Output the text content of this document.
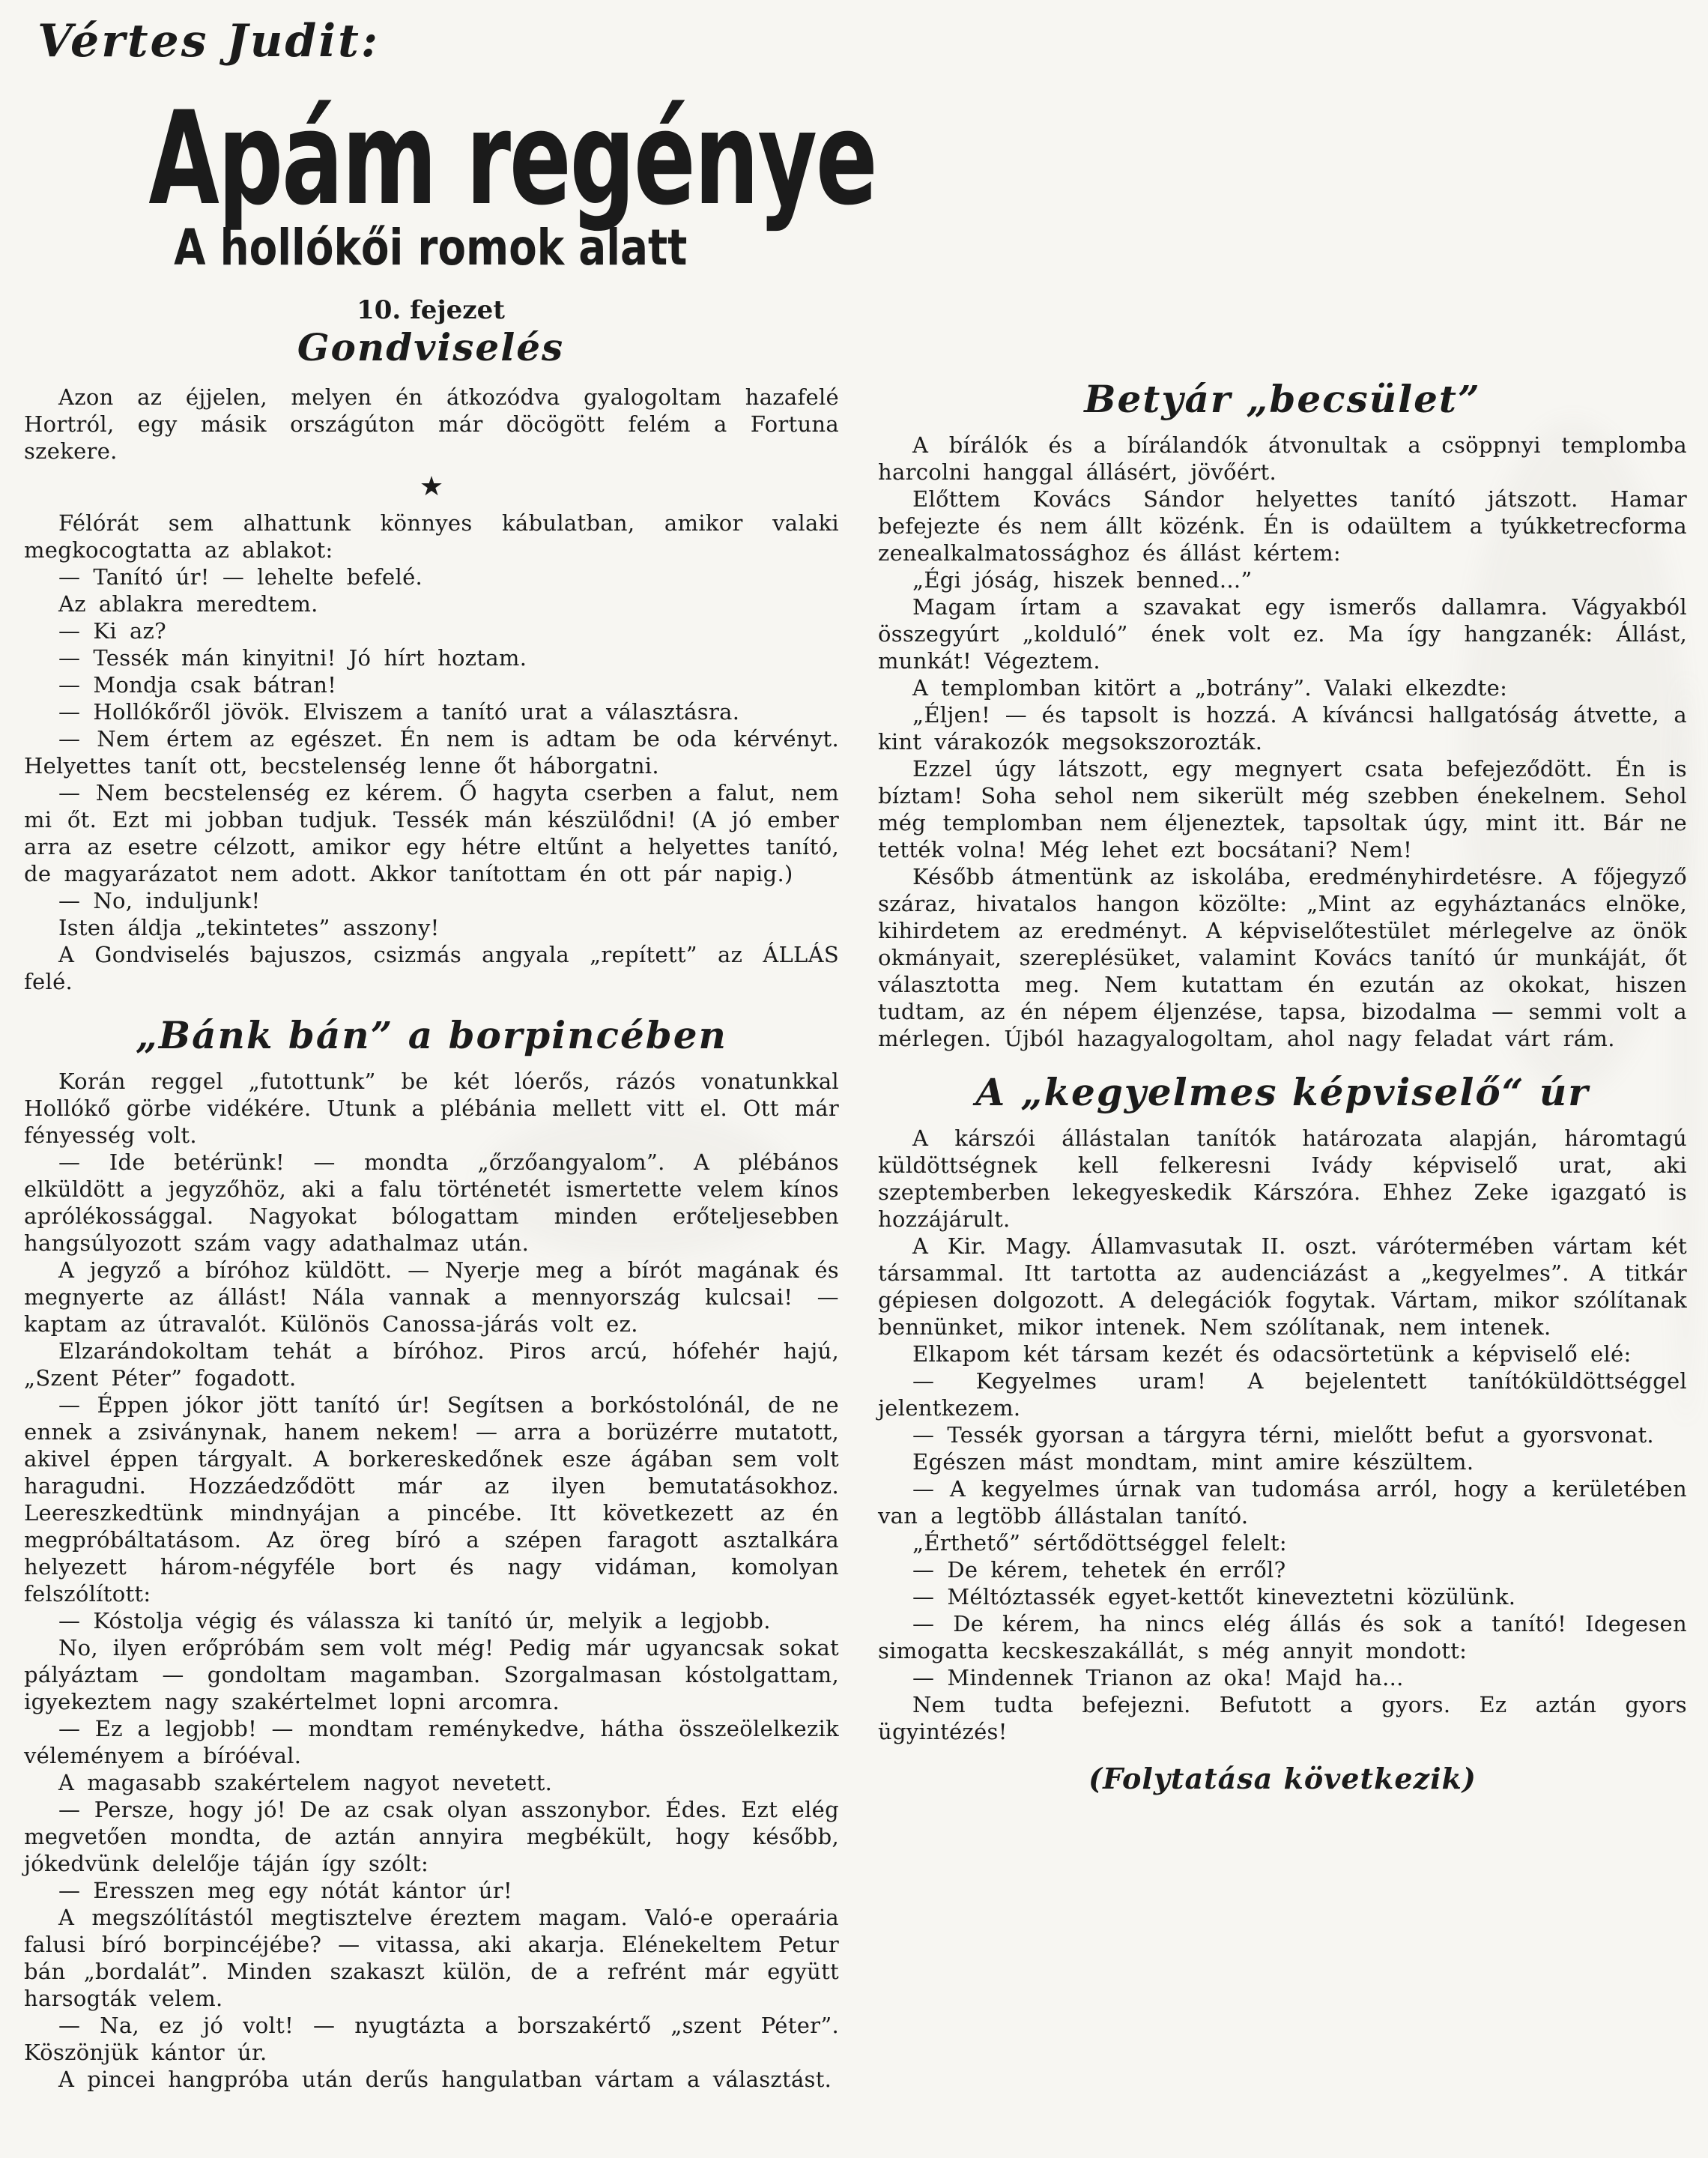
Vértes Judit:
Apám regénye
A hollókői romok alatt
10. fejezet
Gondviselés

Azon az éjjelen, melyen én átkozódva gyalogoltam hazafelé Hortról, egy másik országúton már döcögött felém a Fortuna szekere.

★

Félórát sem alhattunk könnyes kábulatban, amikor valaki megkocogtatta az ablakot:

— Tanító úr! — lehelte befelé.

Az ablakra meredtem.

— Ki az?

— Tessék mán kinyitni! Jó hírt hoztam.

— Mondja csak bátran!

— Hollókőről jövök. Elviszem a tanító urat a választásra.

— Nem értem az egészet. Én nem is adtam be oda kérvényt. Helyettes tanít ott, becstelenség lenne őt háborgatni.

— Nem becstelenség ez kérem. Ő hagyta cserben a falut, nem mi őt. Ezt mi jobban tudjuk. Tessék mán készülődni! (A jó ember arra az esetre célzott, amikor egy hétre eltűnt a helyettes tanító, de magyarázatot nem adott. Akkor tanítottam én ott pár napig.)

— No, induljunk!

Isten áldja „tekintetes” asszony!

A Gondviselés bajuszos, csizmás angyala „repített” az ÁLLÁS felé.

„Bánk bán” a borpincében

Korán reggel „futottunk” be két lóerős, rázós vonatunkkal Hollókő görbe vidékére. Utunk a plébánia mellett vitt el. Ott már fényesség volt.

— Ide betérünk! — mondta „őrzőangyalom”. A plébános elküldött a jegyzőhöz, aki a falu történetét ismertette velem kínos aprólékossággal. Nagyokat bólogattam minden erőteljesebben hangsúlyozott szám vagy adathalmaz után.

A jegyző a bíróhoz küldött. — Nyerje meg a bírót magának és megnyerte az állást! Nála vannak a mennyország kulcsai! — kaptam az útravalót. Különös Canossa-járás volt ez.

Elzarándokoltam tehát a bíróhoz. Piros arcú, hófehér hajú, „Szent Péter” fogadott.

— Éppen jókor jött tanító úr! Segítsen a borkóstolónál, de ne ennek a zsiványnak, hanem nekem! — arra a borüzérre mutatott, akivel éppen tárgyalt. A borkereskedőnek esze ágában sem volt haragudni. Hozzáedződött már az ilyen bemutatásokhoz. Leereszkedtünk mindnyájan a pincébe. Itt következett az én megpróbáltatásom. Az öreg bíró a szépen faragott asztalkára helyezett három-négyféle bort és nagy vidáman, komolyan felszólított:

— Kóstolja végig és válassza ki tanító úr, melyik a legjobb.

No, ilyen erőpróbám sem volt még! Pedig már ugyancsak sokat pályáztam — gondoltam magamban. Szorgalmasan kóstolgattam, igyekeztem nagy szakértelmet lopni arcomra.

— Ez a legjobb! — mondtam reménykedve, hátha összeölelkezik véleményem a bíróéval.

A magasabb szakértelem nagyot nevetett.

— Persze, hogy jó! De az csak olyan asszonybor. Édes. Ezt elég megvetően mondta, de aztán annyira megbékült, hogy később, jókedvünk delelője táján így szólt:

— Eresszen meg egy nótát kántor úr!

A megszólítástól megtisztelve éreztem magam. Való-e operaária falusi bíró borpincéjébe? — vitassa, aki akarja. Elénekeltem Petur bán „bordalát”. Minden szakaszt külön, de a refrént már együtt harsogták velem.

— Na, ez jó volt! — nyugtázta a borszakértő „szent Péter”. Köszönjük kántor úr.

A pincei hangpróba után derűs hangulatban vártam a választást.

Betyár „becsület”

A bírálók és a bírálandók átvonultak a csöppnyi templomba harcolni hanggal állásért, jövőért.

Előttem Kovács Sándor helyettes tanító játszott. Hamar befejezte és nem állt közénk. Én is odaültem a tyúkketrecforma zenealkalmatossághoz és állást kértem:

„Égi jóság, hiszek benned...”

Magam írtam a szavakat egy ismerős dallamra. Vágyakból összegyúrt „kolduló” ének volt ez. Ma így hangzanék: Állást, munkát! Végeztem.

A templomban kitört a „botrány”. Valaki elkezdte:

„Éljen! — és tapsolt is hozzá. A kíváncsi hallgatóság átvette, a kint várakozók megsokszorozták.

Ezzel úgy látszott, egy megnyert csata befejeződött. Én is bíztam! Soha sehol nem sikerült még szebben énekelnem. Sehol még templomban nem éljeneztek, tapsoltak úgy, mint itt. Bár ne tették volna! Még lehet ezt bocsátani? Nem!

Később átmentünk az iskolába, eredményhirdetésre. A főjegyző száraz, hivatalos hangon közölte: „Mint az egyháztanács elnöke, kihirdetem az eredményt. A képviselőtestület mérlegelve az önök okmányait, szereplésüket, valamint Kovács tanító úr munkáját, őt választotta meg. Nem kutattam én ezután az okokat, hiszen tudtam, az én népem éljenzése, tapsa, bizodalma — semmi volt a mérlegen. Újból hazagyalogoltam, ahol nagy feladat várt rám.

A „kegyelmes képviselő“ úr

A kárszói állástalan tanítók határozata alapján, háromtagú küldöttségnek kell felkeresni Ivády képviselő urat, aki szeptemberben lekegyeskedik Kárszóra. Ehhez Zeke igazgató is hozzájárult.

A Kir. Magy. Államvasutak II. oszt. várótermében vártam két társammal. Itt tartotta az audenciázást a „kegyelmes”. A titkár gépiesen dolgozott. A delegációk fogytak. Vártam, mikor szólítanak bennünket, mikor intenek. Nem szólítanak, nem intenek.

Elkapom két társam kezét és odacsörtetünk a képviselő elé:

— Kegyelmes uram! A bejelentett tanítóküldöttséggel jelentkezem.

— Tessék gyorsan a tárgyra térni, mielőtt befut a gyorsvonat.

Egészen mást mondtam, mint amire készültem.

— A kegyelmes úrnak van tudomása arról, hogy a kerületében van a legtöbb állástalan tanító.

„Érthető” sértődöttséggel felelt:

— De kérem, tehetek én erről?

— Méltóztassék egyet-kettőt kineveztetni közülünk.

— De kérem, ha nincs elég állás és sok a tanító! Idegesen simogatta kecskeszakállát, s még annyit mondott:

— Mindennek Trianon az oka! Majd ha...

Nem tudta befejezni. Befutott a gyors. Ez aztán gyors ügyintézés!

(Folytatása következik)
